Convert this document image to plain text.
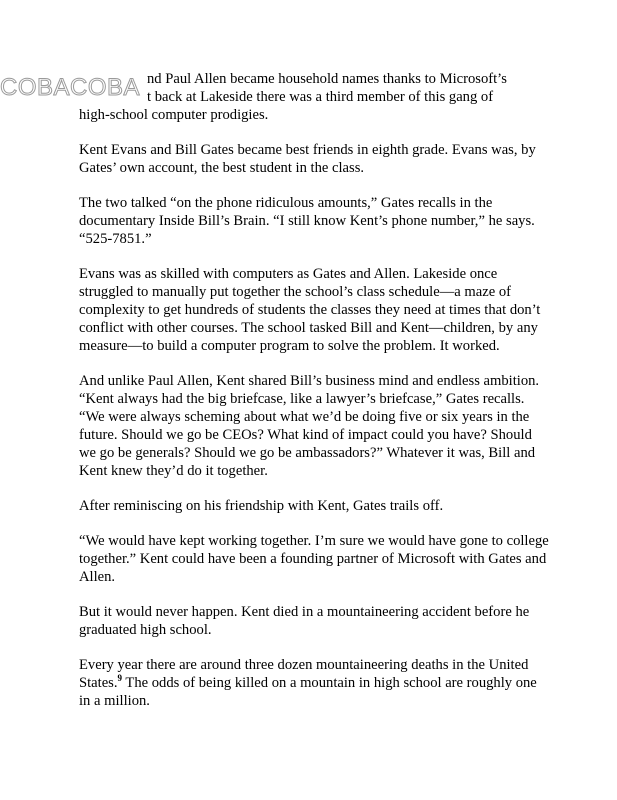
COBACOBA nd Paul Allen became household names thanks to Microsoft’s
t back at Lakeside there was a third member of this gang of
high-school computer prodigies.

Kent Evans and Bill Gates became best friends in eighth grade. Evans was, by Gates’ own account, the best student in the class.

The two talked “on the phone ridiculous amounts,” Gates recalls in the documentary Inside Bill’s Brain. “I still know Kent’s phone number,” he says. “525-7851.”

Evans was as skilled with computers as Gates and Allen. Lakeside once struggled to manually put together the school’s class schedule—a maze of complexity to get hundreds of students the classes they need at times that don’t conflict with other courses. The school tasked Bill and Kent—children, by any measure—to build a computer program to solve the problem. It worked.

And unlike Paul Allen, Kent shared Bill’s business mind and endless ambition. “Kent always had the big briefcase, like a lawyer’s briefcase,” Gates recalls. “We were always scheming about what we’d be doing five or six years in the future. Should we go be CEOs? What kind of impact could you have? Should we go be generals? Should we go be ambassadors?” Whatever it was, Bill and Kent knew they’d do it together.

After reminiscing on his friendship with Kent, Gates trails off.

“We would have kept working together. I’m sure we would have gone to college together.” Kent could have been a founding partner of Microsoft with Gates and Allen.

But it would never happen. Kent died in a mountaineering accident before he graduated high school.

Every year there are around three dozen mountaineering deaths in the United States.$^9$ The odds of being killed on a mountain in high school are roughly one in a million.
